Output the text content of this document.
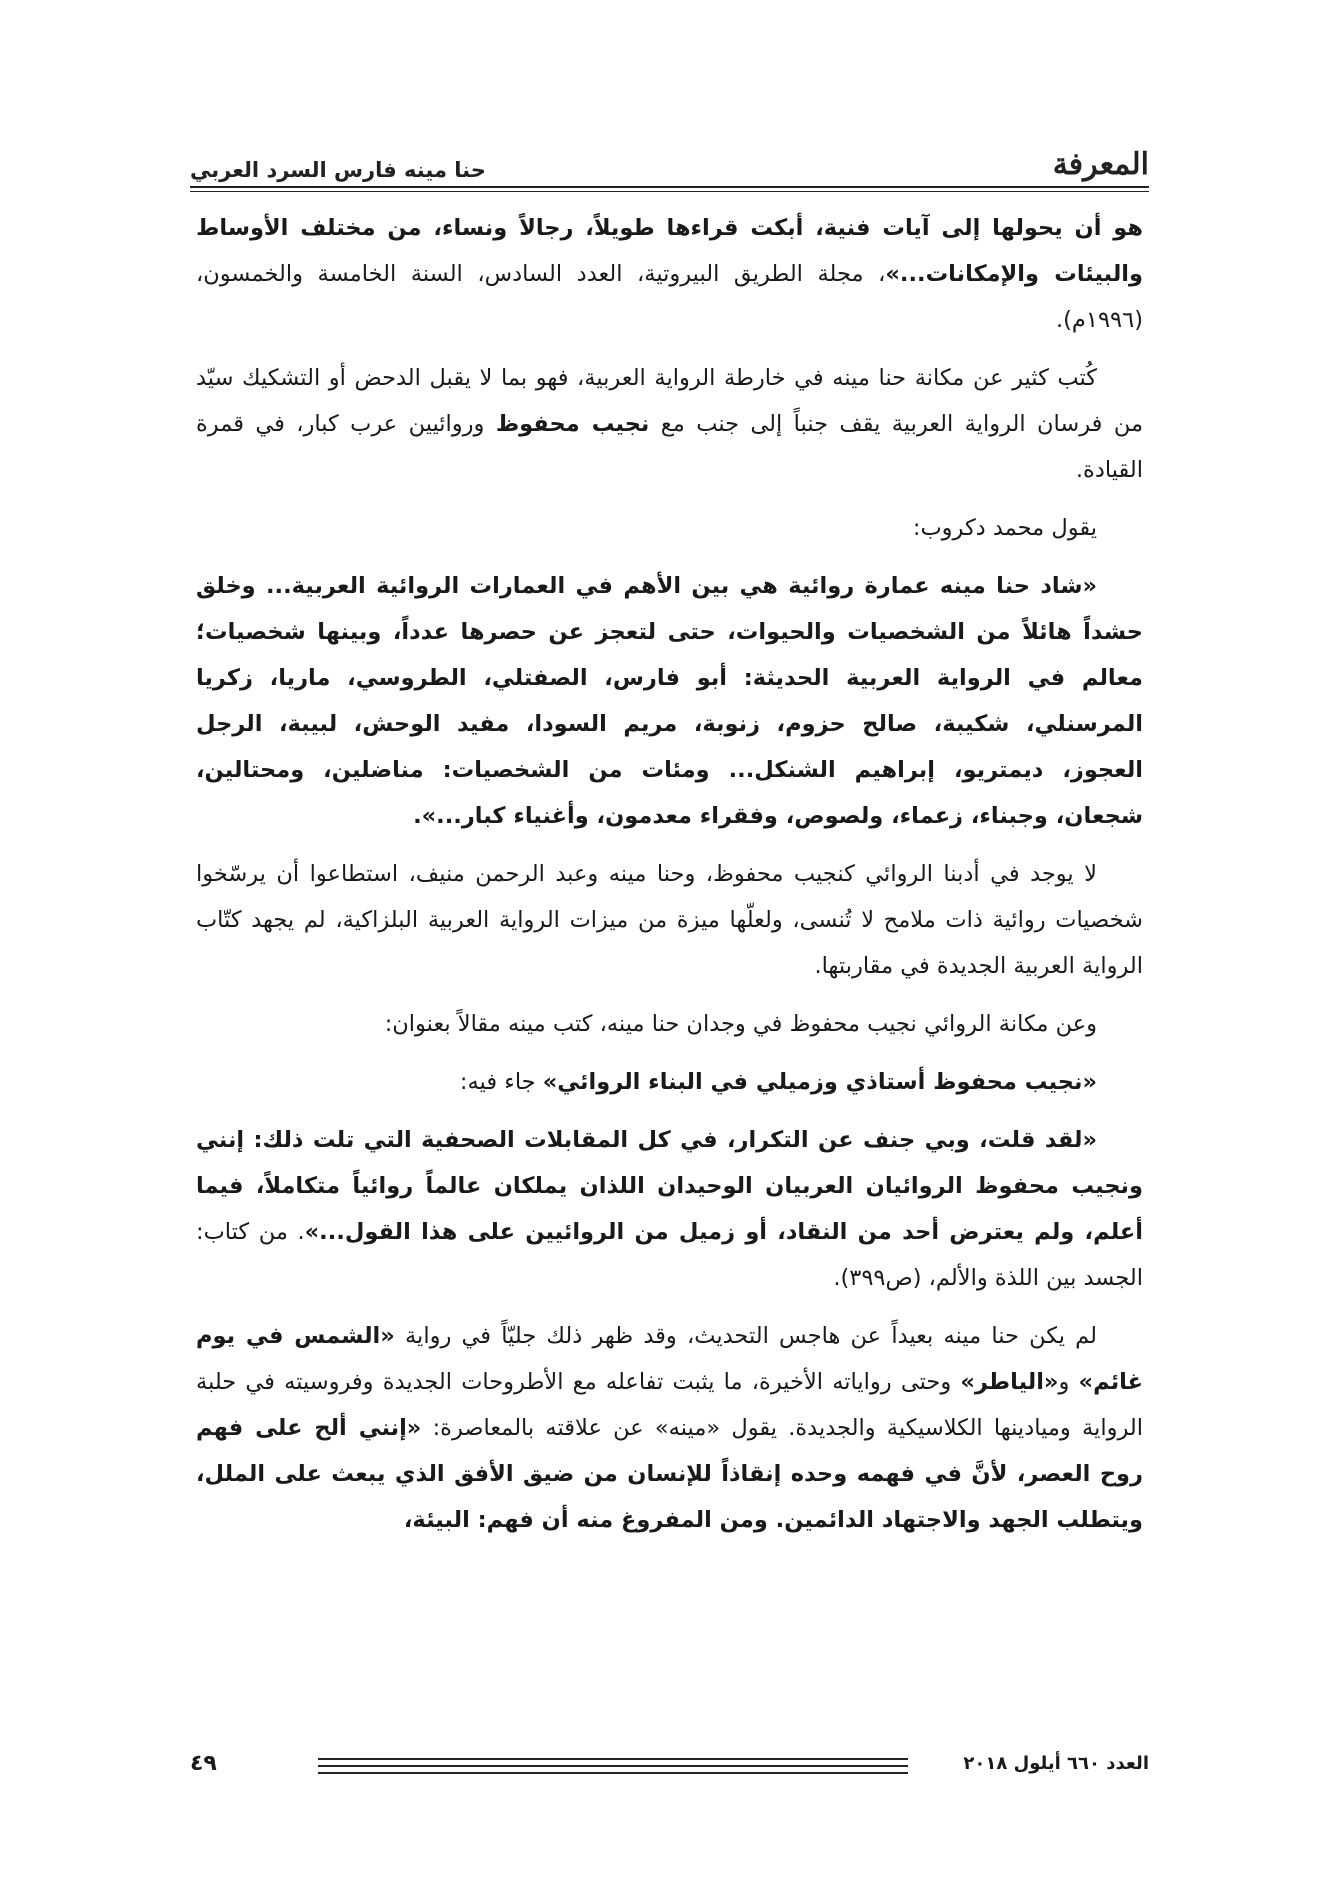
المعرفة
حنا مينه فارس السرد العربي

هو أن يحولها إلى آيات فنية، أبكت قراءها طويلاً، رجالاً ونساء، من مختلف الأوساط والبيئات والإمكانات...»، مجلة الطريق البيروتية، العدد السادس، السنة الخامسة والخمسون، (١٩٩٦م).

كُتب كثير عن مكانة حنا مينه في خارطة الرواية العربية، فهو بما لا يقبل الدحض أو التشكيك سيّد من فرسان الرواية العربية يقف جنباً إلى جنب مع نجيب محفوظ وروائيين عرب كبار، في قمرة القيادة.

يقول محمد دكروب:

«شاد حنا مينه عمارة روائية هي بين الأهم في العمارات الروائية العربية... وخلق حشداً هائلاً من الشخصيات والحيوات، حتى لتعجز عن حصرها عدداً، وبينها شخصيات؛ معالم في الرواية العربية الحديثة: أبو فارس، الصفتلي، الطروسي، ماريا، زكريا المرسنلي، شكيبة، صالح حزوم، زنوبة، مريم السودا، مفيد الوحش، لبيبة، الرجل العجوز، ديمتريو، إبراهيم الشنكل... ومئات من الشخصيات: مناضلين، ومحتالين، شجعان، وجبناء، زعماء، ولصوص، وفقراء معدمون، وأغنياء كبار...».

لا يوجد في أدبنا الروائي كنجيب محفوظ، وحنا مينه وعبد الرحمن منيف، استطاعوا أن يرسّخوا شخصيات روائية ذات ملامح لا تُنسى، ولعلّها ميزة من ميزات الرواية العربية البلزاكية، لم يجهد كتّاب الرواية العربية الجديدة في مقاربتها.

وعن مكانة الروائي نجيب محفوظ في وجدان حنا مينه، كتب مينه مقالاً بعنوان:

«نجيب محفوظ أستاذي وزميلي في البناء الروائي» جاء فيه:

«لقد قلت، وبي جنف عن التكرار، في كل المقابلات الصحفية التي تلت ذلك: إنني ونجيب محفوظ الروائيان العربيان الوحيدان اللذان يملكان عالماً روائياً متكاملاً، فيما أعلم، ولم يعترض أحد من النقاد، أو زميل من الروائيين على هذا القول...». من كتاب: الجسد بين اللذة والألم، (ص٣٩٩).

لم يكن حنا مينه بعيداً عن هاجس التحديث، وقد ظهر ذلك جليّاً في رواية «الشمس في يوم غائم» و«الياطر» وحتى رواياته الأخيرة، ما يثبت تفاعله مع الأطروحات الجديدة وفروسيته في حلبة الرواية وميادينها الكلاسيكية والجديدة. يقول «مينه» عن علاقته بالمعاصرة: «إنني ألح على فهم روح العصر، لأنَّ في فهمه وحده إنقاذاً للإنسان من ضيق الأفق الذي يبعث على الملل، ويتطلب الجهد والاجتهاد الدائمين. ومن المفروغ منه أن فهم: البيئة،

العدد ٦٦٠ أيلول ٢٠١٨
٤٩
